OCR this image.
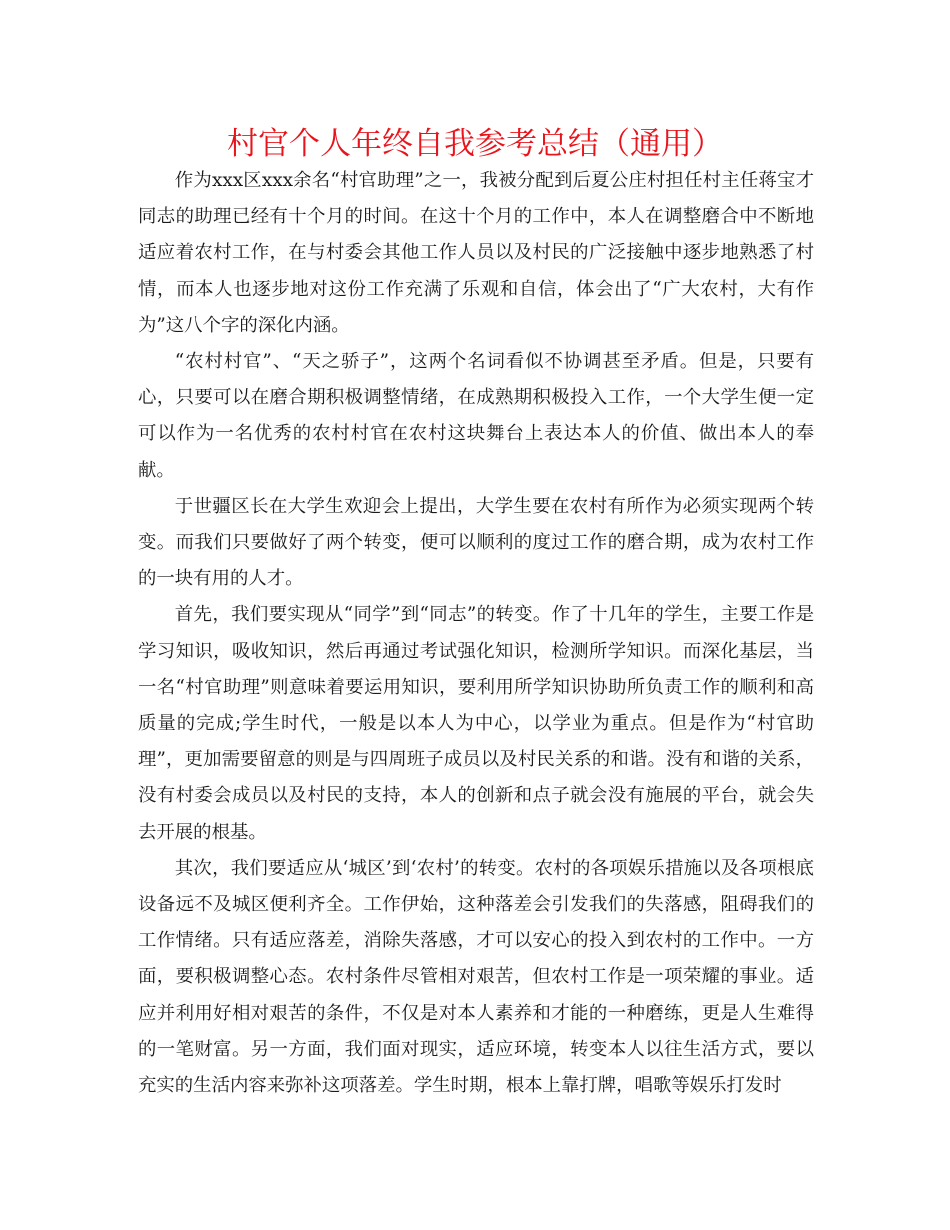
村官个人年终自我参考总结（通用）

作为xxx区xxx余名“村官助理”之一，我被分配到后夏公庄村担任村主任蒋宝才同志的助理已经有十个月的时间。在这十个月的工作中，本人在调整磨合中不断地适应着农村工作，在与村委会其他工作人员以及村民的广泛接触中逐步地熟悉了村情，而本人也逐步地对这份工作充满了乐观和自信，体会出了“广大农村，大有作为”这八个字的深化内涵。

“农村村官”、“天之骄子”，这两个名词看似不协调甚至矛盾。但是，只要有心，只要可以在磨合期积极调整情绪，在成熟期积极投入工作，一个大学生便一定可以作为一名优秀的农村村官在农村这块舞台上表达本人的价值、做出本人的奉献。

于世疆区长在大学生欢迎会上提出，大学生要在农村有所作为必须实现两个转变。而我们只要做好了两个转变，便可以顺利的度过工作的磨合期，成为农村工作的一块有用的人才。

首先，我们要实现从“同学”到“同志”的转变。作了十几年的学生，主要工作是学习知识，吸收知识，然后再通过考试强化知识，检测所学知识。而深化基层，当一名“村官助理”则意味着要运用知识，要利用所学知识协助所负责工作的顺利和高质量的完成;学生时代，一般是以本人为中心，以学业为重点。但是作为“村官助理”，更加需要留意的则是与四周班子成员以及村民关系的和谐。没有和谐的关系，没有村委会成员以及村民的支持，本人的创新和点子就会没有施展的平台，就会失去开展的根基。

其次，我们要适应从‘城区’到‘农村’的转变。农村的各项娱乐措施以及各项根底设备远不及城区便利齐全。工作伊始，这种落差会引发我们的失落感，阻碍我们的工作情绪。只有适应落差，消除失落感，才可以安心的投入到农村的工作中。一方面，要积极调整心态。农村条件尽管相对艰苦，但农村工作是一项荣耀的事业。适应并利用好相对艰苦的条件，不仅是对本人素养和才能的一种磨练，更是人生难得的一笔财富。另一方面，我们面对现实，适应环境，转变本人以往生活方式，要以充实的生活内容来弥补这项落差。学生时期，根本上靠打牌，唱歌等娱乐打发时
